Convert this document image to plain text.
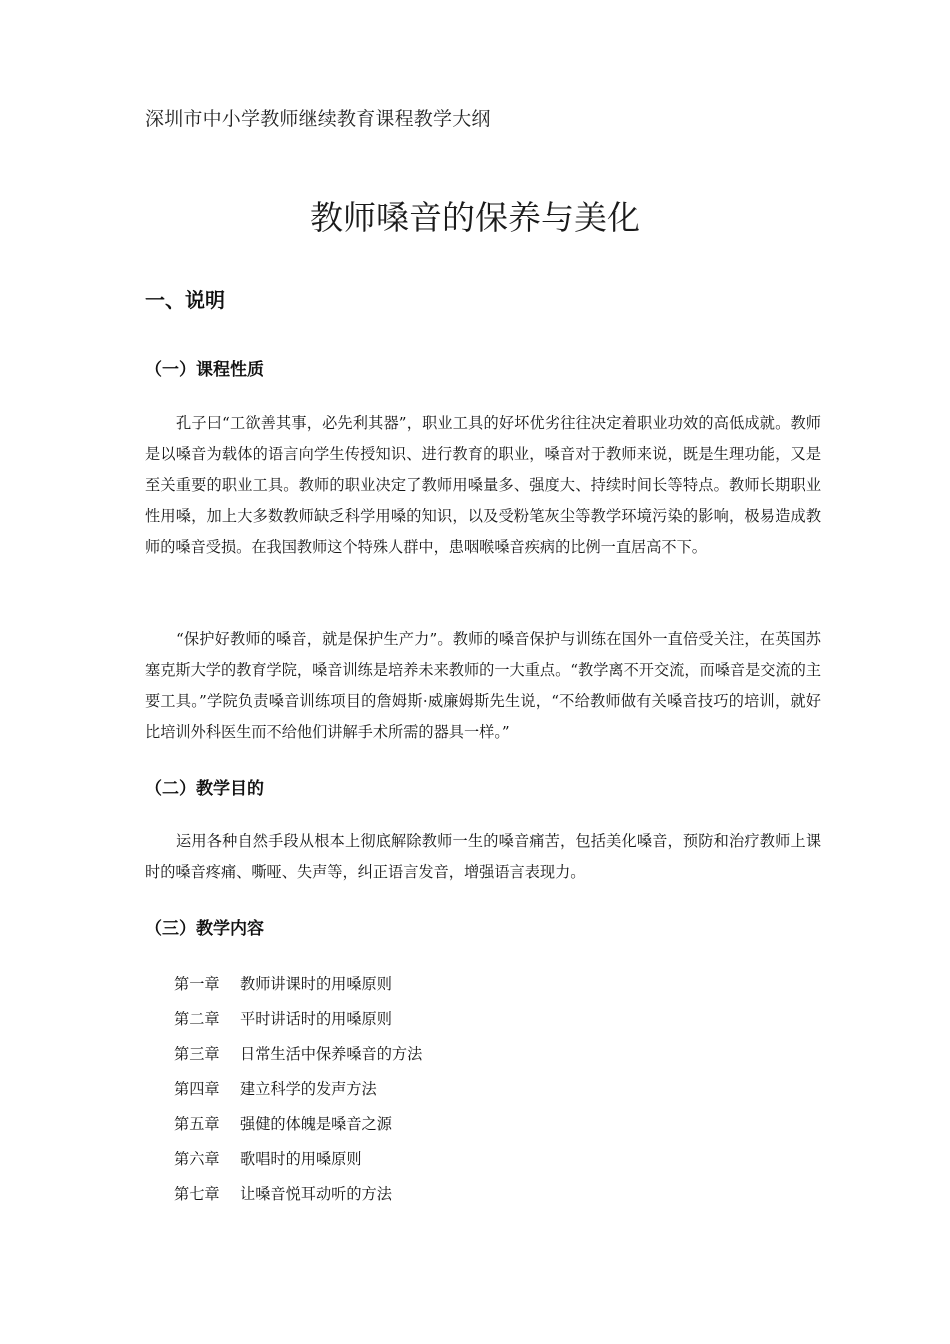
深圳市中小学教师继续教育课程教学大纲
教师嗓音的保养与美化
一、说明
（一）课程性质

孔子曰“工欲善其事，必先利其器”，职业工具的好坏优劣往往决定着职业功效的高低成就。教师是以嗓音为载体的语言向学生传授知识、进行教育的职业，嗓音对于教师来说，既是生理功能，又是至关重要的职业工具。教师的职业决定了教师用嗓量多、强度大、持续时间长等特点。教师长期职业性用嗓，加上大多数教师缺乏科学用嗓的知识，以及受粉笔灰尘等教学环境污染的影响，极易造成教师的嗓音受损。在我国教师这个特殊人群中，患咽喉嗓音疾病的比例一直居高不下。

“保护好教师的嗓音，就是保护生产力”。教师的嗓音保护与训练在国外一直倍受关注，在英国苏塞克斯大学的教育学院，嗓音训练是培养未来教师的一大重点。“教学离不开交流，而嗓音是交流的主要工具。”学院负责嗓音训练项目的詹姆斯·威廉姆斯先生说，“不给教师做有关嗓音技巧的培训，就好比培训外科医生而不给他们讲解手术所需的器具一样。”

（二）教学目的

运用各种自然手段从根本上彻底解除教师一生的嗓音痛苦，包括美化嗓音，预防和治疗教师上课时的嗓音疼痛、嘶哑、失声等，纠正语言发音，增强语言表现力。

（三）教学内容
第一章 教师讲课时的用嗓原则
第二章 平时讲话时的用嗓原则
第三章 日常生活中保养嗓音的方法
第四章 建立科学的发声方法
第五章 强健的体魄是嗓音之源
第六章 歌唱时的用嗓原则
第七章 让嗓音悦耳动听的方法
